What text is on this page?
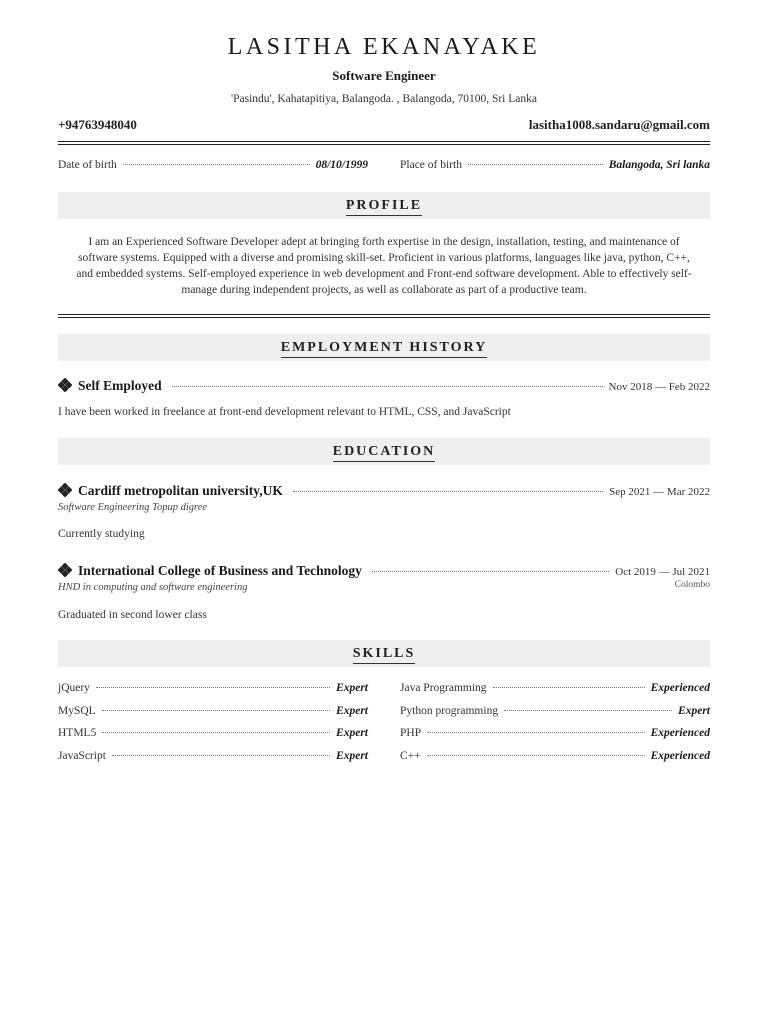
LASITHA EKANAYAKE
Software Engineer
'Pasindu', Kahatapitiya, Balangoda. , Balangoda, 70100, Sri Lanka
+94763948040	lasitha1008.sandaru@gmail.com
Date of birth	08/10/1999	Place of birth	Balangoda, Sri lanka
PROFILE
I am an Experienced Software Developer adept at bringing forth expertise in the design, installation, testing, and maintenance of software systems. Equipped with a diverse and promising skill-set. Proficient in various platforms, languages like java, python, C++, and embedded systems. Self-employed experience in web development and Front-end software development. Able to effectively self-manage during independent projects, as well as collaborate as part of a productive team.
EMPLOYMENT HISTORY
Self Employed	Nov 2018 — Feb 2022
I have been worked in freelance at front-end development relevant to HTML, CSS, and JavaScript
EDUCATION
Cardiff metropolitan university,UK	Sep 2021 — Mar 2022
Software Engineering Topup digree
Currently studying
International College of Business and Technology	Oct 2019 — Jul 2021
Colombo
HND in computing and software engineering
Graduated in second lower class
SKILLS
jQuery	Expert
MySQL	Expert
HTML5	Expert
JavaScript	Expert
Java Programming	Experienced
Python programming	Expert
PHP	Experienced
C++	Experienced
